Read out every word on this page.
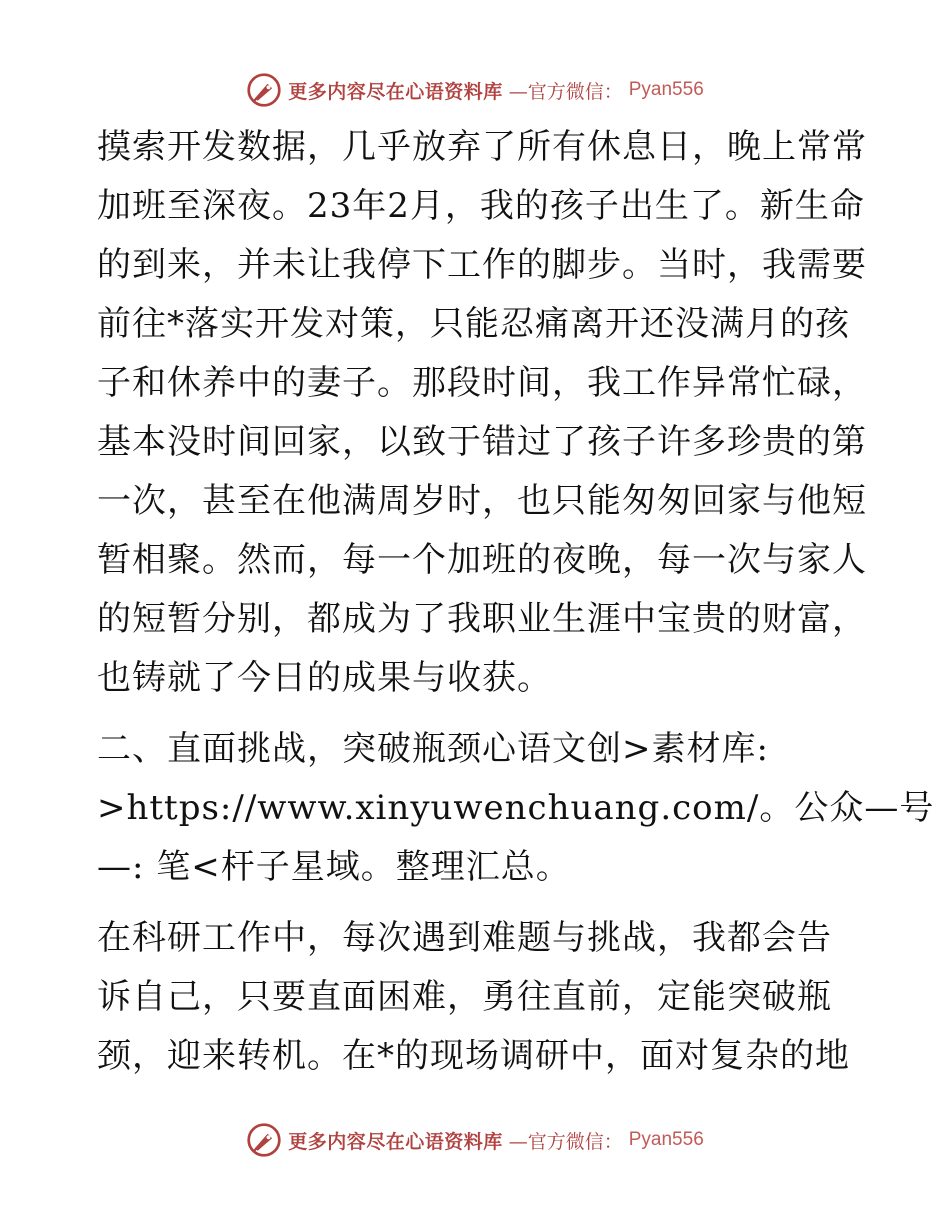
更多内容尽在心语资料库 —官方微信： Pyan556

摸索开发数据，几乎放弃了所有休息日，晚上常常
加班至深夜。23年2月，我的孩子出生了。新生命
的到来，并未让我停下工作的脚步。当时，我需要
前往*落实开发对策，只能忍痛离开还没满月的孩
子和休养中的妻子。那段时间，我工作异常忙碌，
基本没时间回家，以致于错过了孩子许多珍贵的第
一次，甚至在他满周岁时，也只能匆匆回家与他短
暂相聚。然而，每一个加班的夜晚，每一次与家人
的短暂分别，都成为了我职业生涯中宝贵的财富，
也铸就了今日的成果与收获。

二、直面挑战，突破瓶颈心语文创>素材库:
>https://www.xinyuwenchuang.com/。公众—号
—: 笔<杆子星域。整理汇总。

在科研工作中，每次遇到难题与挑战，我都会告
诉自己，只要直面困难，勇往直前，定能突破瓶
颈，迎来转机。在*的现场调研中，面对复杂的地

更多内容尽在心语资料库 —官方微信： Pyan556
